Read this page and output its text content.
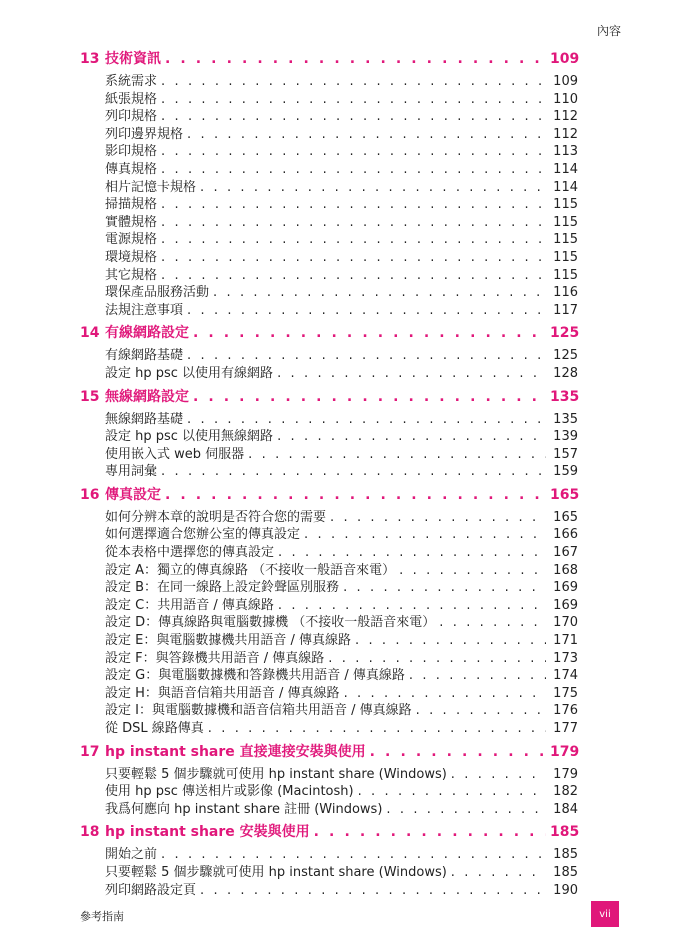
內容
13 技術資訊 . . .	109
系統需求 . . .	109
紙張規格 . . .	110
列印規格 . . .	112
列印邊界規格 . . .	112
影印規格 . . .	113
傳真規格 . . .	114
相片記憶卡規格 . . .	114
掃描規格 . . .	115
實體規格 . . .	115
電源規格 . . .	115
環境規格 . . .	115
其它規格 . . .	115
環保產品服務活動 . . .	116
法規注意事項 . . .	117
14 有線網路設定 . . .	125
有線網路基礎 . . .	125
設定 hp psc 以使用有線網路 . . .	128
15 無線網路設定 . . .	135
無線網路基礎 . . .	135
設定 hp psc 以使用無線網路 . . .	139
使用嵌入式 web 伺服器 . . .	157
專用詞彙 . . .	159
16 傳真設定 . . .	165
如何分辨本章的說明是否符合您的需要 . . .	165
如何選擇適合您辦公室的傳真設定 . . .	166
從本表格中選擇您的傳真設定 . . .	167
設定 A：獨立的傳真線路 （不接收一般語音來電） . . .	168
設定 B：在同一線路上設定鈴聲區別服務 . . .	169
設定 C：共用語音 / 傳真線路 . . .	169
設定 D：傳真線路與電腦數據機 （不接收一般語音來電） . . .	170
設定 E：與電腦數據機共用語音 / 傳真線路 . . .	171
設定 F：與答錄機共用語音 / 傳真線路 . . .	173
設定 G：與電腦數據機和答錄機共用語音 / 傳真線路 . . .	174
設定 H：與語音信箱共用語音 / 傳真線路 . . .	175
設定 I：與電腦數據機和語音信箱共用語音 / 傳真線路 . . .	176
從 DSL 線路傳真 . . .	177
17 hp instant share 直接連接安裝與使用 . . .	179
只要輕鬆 5 個步驟就可使用 hp instant share (Windows) . . .	179
使用 hp psc 傳送相片或影像 (Macintosh) . . .	182
我爲何應向 hp instant share 註冊 (Windows) . . .	184
18 hp instant share 安裝與使用 . . .	185
開始之前 . . .	185
只要輕鬆 5 個步驟就可使用 hp instant share (Windows) . . .	185
列印網路設定頁 . . .	190
參考指南	vii
